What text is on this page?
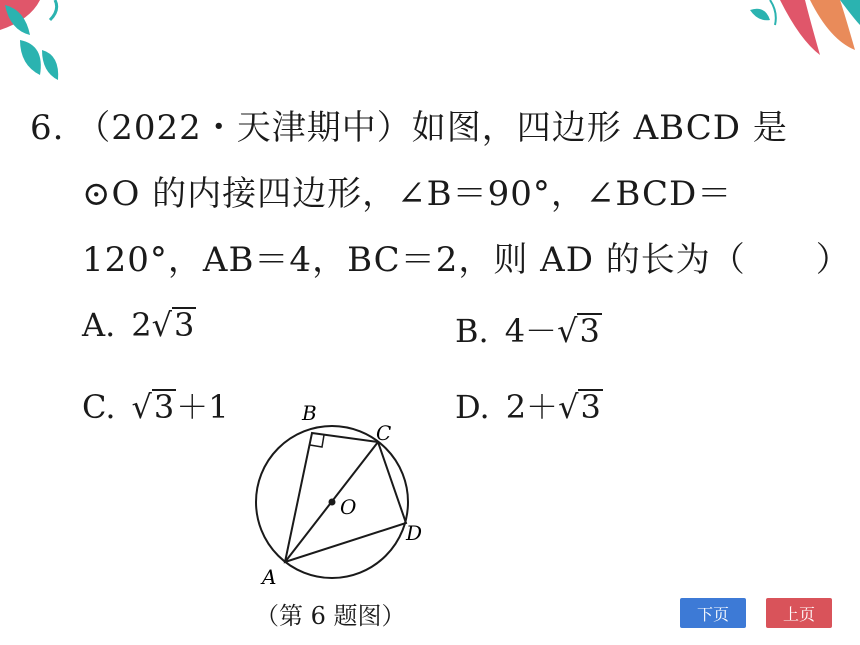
6. （2022・天津期中）如图，四边形 ABCD 是
⊙O 的内接四边形，∠B＝90°，∠BCD＝
120°，AB＝4，BC＝2，则 AD 的长为（　　）
A. 2√3	B. 4－√3
C. √3＋1	D. 2＋√3
B
C
O
D
A
（第 6 题图）	下页	上页
